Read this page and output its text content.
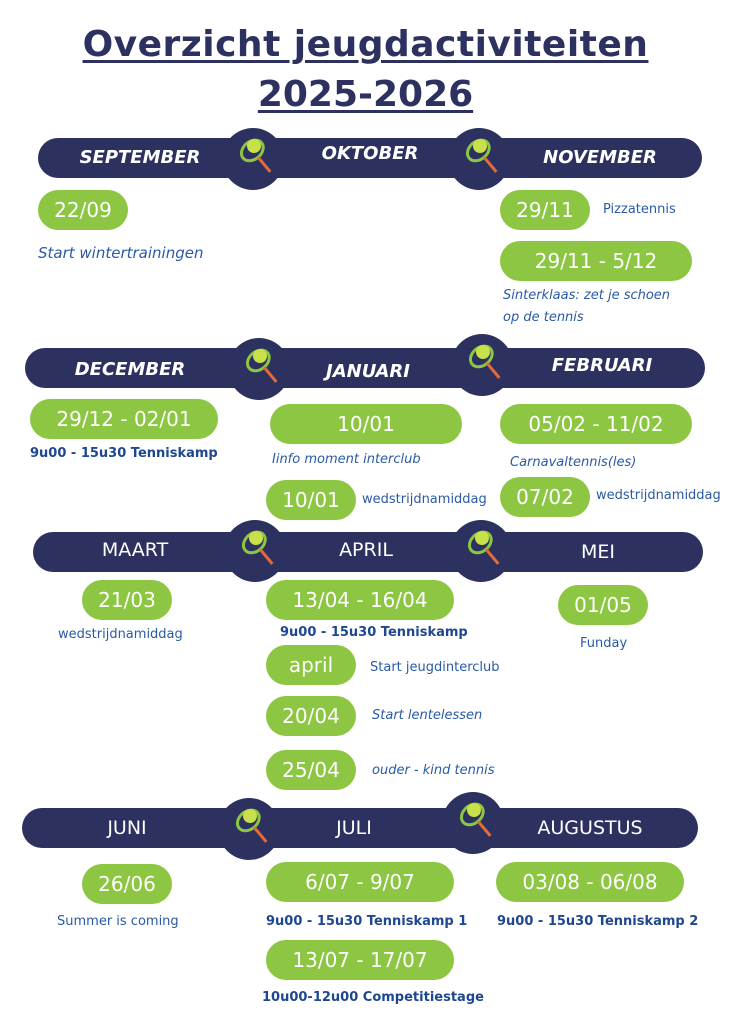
Overzicht jeugdactiviteiten
2025-2026
SEPTEMBER	OKTOBER	NOVEMBER
22/09
Start wintertrainingen
29/11	Pizzatennis
29/11 - 5/12
Sinterklaas: zet je schoen
op de tennis
DECEMBER	JANUARI	FEBRUARI
29/12 - 02/01
9u00 - 15u30 Tenniskamp
10/01
Iinfo moment interclub
10/01	wedstrijdnamiddag
05/02 - 11/02
Carnavaltennis(les)
07/02	wedstrijdnamiddag
MAART	APRIL	MEI
21/03
wedstrijdnamiddag
13/04 - 16/04
9u00 - 15u30 Tenniskamp
april	Start jeugdinterclub
20/04	Start lentelessen
25/04	ouder - kind tennis
01/05
Funday
JUNI	JULI	AUGUSTUS
26/06
Summer is coming
6/07 - 9/07
9u00 - 15u30 Tenniskamp 1
13/07 - 17/07
10u00-12u00 Competitiestage
03/08 - 06/08
9u00 - 15u30 Tenniskamp 2
